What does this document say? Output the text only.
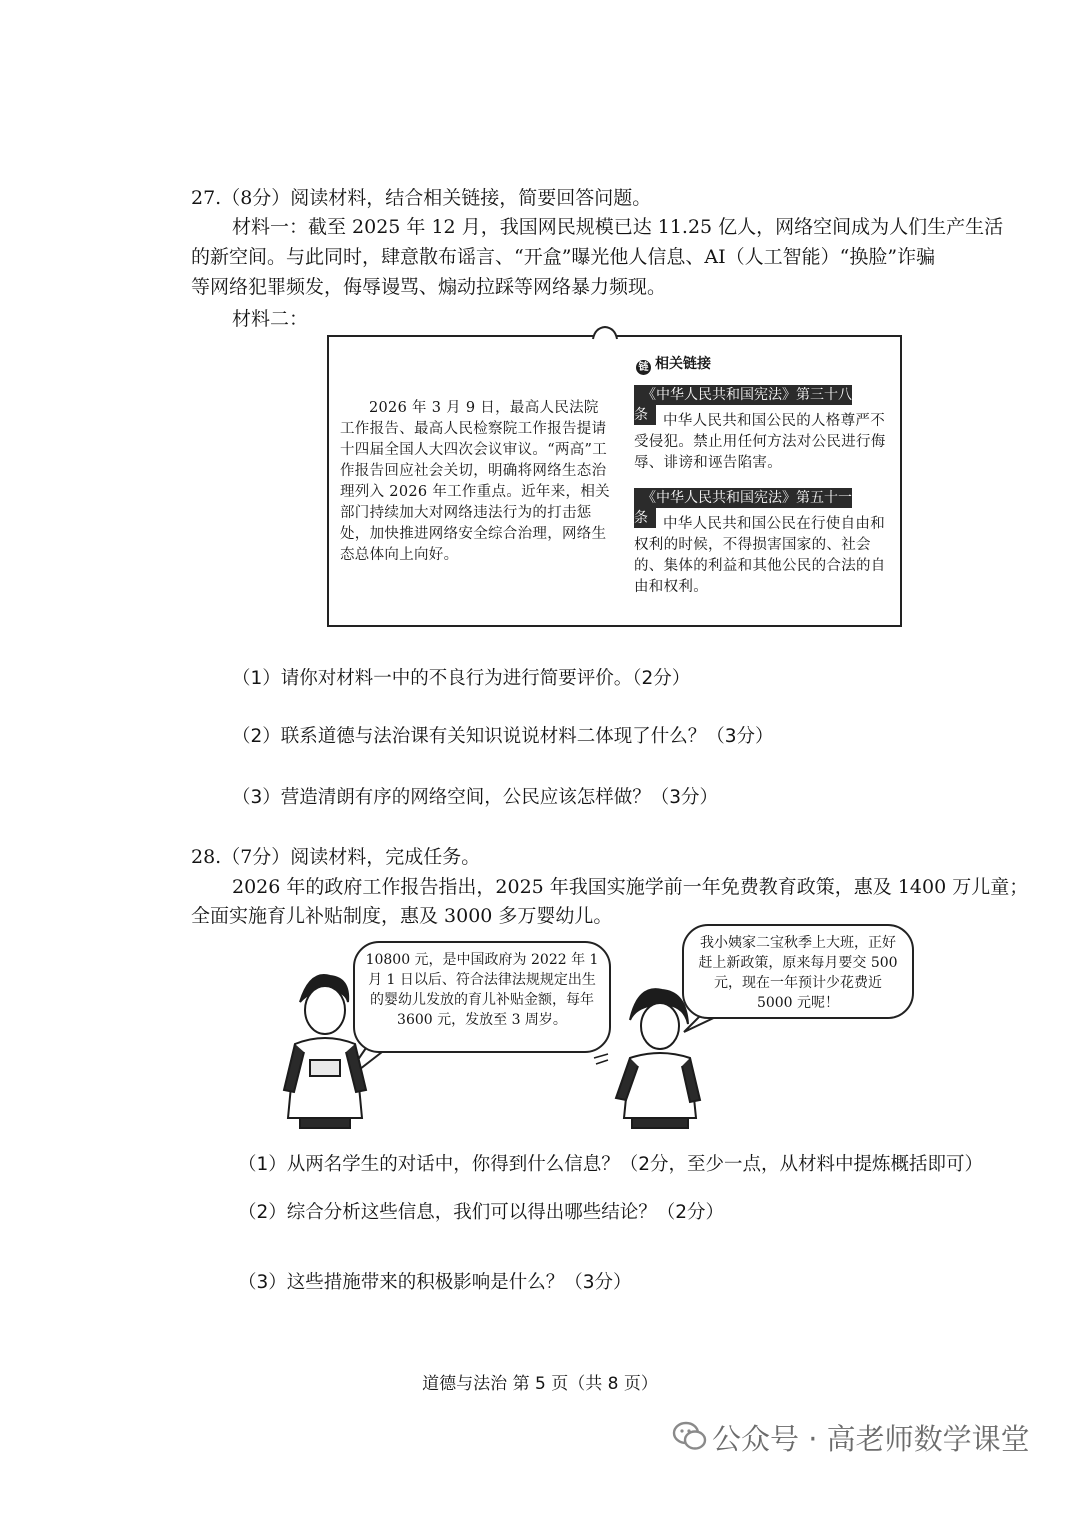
27.（8分）阅读材料，结合相关链接，简要回答问题。
材料一：截至 2025 年 12 月，我国网民规模已达 11.25 亿人，网络空间成为人们生产生活
的新空间。与此同时，肆意散布谣言、“开盒”曝光他人信息、AI（人工智能）“换脸”诈骗
等网络犯罪频发，侮辱谩骂、煽动拉踩等网络暴力频现。
材料二：
2026 年 3 月 9 日，最高人民法院工作报告、最高人民检察院工作报告提请十四届全国人大四次会议审议。“两高”工作报告回应社会关切，明确将网络生态治理列入 2026 年工作重点。近年来，相关部门持续加大对网络违法行为的打击惩处，加快推进网络安全综合治理，网络生态总体向上向好。
链 相关链接
《中华人民共和国宪法》第三十八条	中华人民共和国公民的人格尊严不受侵犯。禁止用任何方法对公民进行侮辱、诽谤和诬告陷害。
《中华人民共和国宪法》第五十一条	中华人民共和国公民在行使自由和权利的时候，不得损害国家的、社会的、集体的利益和其他公民的合法的自由和权利。
（1）请你对材料一中的不良行为进行简要评价。（2分）
（2）联系道德与法治课有关知识说说材料二体现了什么？（3分）
（3）营造清朗有序的网络空间，公民应该怎样做？（3分）
28.（7分）阅读材料，完成任务。
2026 年的政府工作报告指出，2025 年我国实施学前一年免费教育政策，惠及 1400 万儿童；
全面实施育儿补贴制度，惠及 3000 多万婴幼儿。
10800 元，是中国政府为 2022 年 1 月 1 日以后、符合法律法规规定出生的婴幼儿发放的育儿补贴金额，每年 3600 元，发放至 3 周岁。
我小姨家二宝秋季上大班，正好赶上新政策，原来每月要交 500 元，现在一年预计少花费近 5000 元呢！
（1）从两名学生的对话中，你得到什么信息？（2分，至少一点，从材料中提炼概括即可）
（2）综合分析这些信息，我们可以得出哪些结论？（2分）
（3）这些措施带来的积极影响是什么？（3分）
道德与法治 第 5 页（共 8 页）
公众号 · 高老师数学课堂
